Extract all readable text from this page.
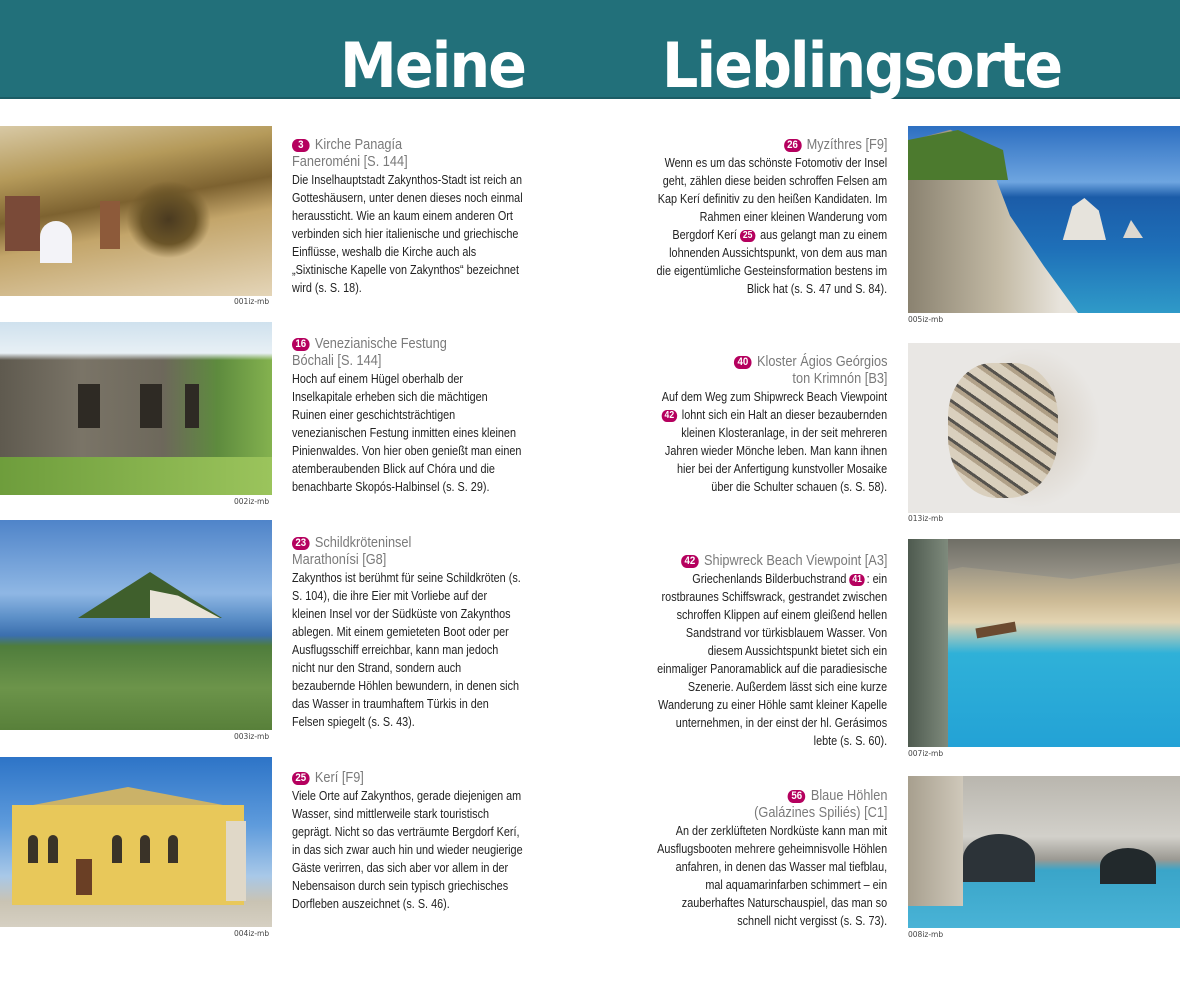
Meine Lieblingsorte
001iz-mb
002iz-mb
003iz-mb
004iz-mb
3 Kirche Panagía
Faneroméni [S. 144]
Die Inselhauptstadt Zakynthos-Stadt ist reich an Gotteshäusern, unter denen dieses noch einmal heraussticht. Wie an kaum einem anderen Ort verbinden sich hier italienische und griechische Einflüsse, weshalb die Kirche auch als „Sixtinische Kapelle von Zakynthos“ bezeichnet wird (s. S. 18).
16 Venezianische Festung
Bóchali [S. 144]
Hoch auf einem Hügel oberhalb der Inselkapitale erheben sich die mächtigen Ruinen einer geschichtsträchtigen venezianischen Festung inmitten eines kleinen Pinienwaldes. Von hier oben genießt man einen atemberaubenden Blick auf Chóra und die benachbarte Skopós-Halbinsel (s. S. 29).
23 Schildkröteninsel
Marathonísi [G8]
Zakynthos ist berühmt für seine Schildkröten (s. S. 104), die ihre Eier mit Vorliebe auf der kleinen Insel vor der Südküste von Zakynthos ablegen. Mit einem gemieteten Boot oder per Ausflugsschiff erreichbar, kann man jedoch nicht nur den Strand, sondern auch bezaubernde Höhlen bewundern, in denen sich das Wasser in traumhaftem Türkis in den Felsen spiegelt (s. S. 43).
25 Kerí [F9]
Viele Orte auf Zakynthos, gerade diejenigen am Wasser, sind mittlerweile stark touristisch geprägt. Nicht so das verträumte Bergdorf Kerí, in das sich zwar auch hin und wieder neugierige Gäste verirren, das sich aber vor allem in der Nebensaison durch sein typisch griechisches Dorfleben auszeichnet (s. S. 46).
005iz-mb
013iz-mb
007iz-mb
008iz-mb
26 Myzíthres [F9]
Wenn es um das schönste Fotomotiv der Insel geht, zählen diese beiden schroffen Felsen am Kap Kerí definitiv zu den heißen Kandidaten. Im Rahmen einer kleinen Wanderung vom Bergdorf Kerí 25 aus gelangt man zu einem lohnenden Aussichtspunkt, von dem aus man die eigentümliche Gesteinsformation bestens im Blick hat (s. S. 47 und S. 84).
40 Kloster Ágios Geórgios
ton Krimnón [B3]
Auf dem Weg zum Shipwreck Beach Viewpoint 42 lohnt sich ein Halt an dieser bezaubernden kleinen Klosteranlage, in der seit mehreren Jahren wieder Mönche leben. Man kann ihnen hier bei der Anfertigung kunstvoller Mosaike über die Schulter schauen (s. S. 58).
42 Shipwreck Beach Viewpoint [A3]
Griechenlands Bilderbuchstrand 41 : ein rostbraunes Schiffswrack, gestrandet zwischen schroffen Klippen auf einem gleißend hellen Sandstrand vor türkisblauem Wasser. Von diesem Aussichtspunkt bietet sich ein einmaliger Panoramablick auf die paradiesische Szenerie. Außerdem lässt sich eine kurze Wanderung zu einer Höhle samt kleiner Kapelle unternehmen, in der einst der hl. Gerásimos lebte (s. S. 60).
56 Blaue Höhlen
(Galázines Spiliés) [C1]
An der zerklüfteten Nordküste kann man mit Ausflugsbooten mehrere geheimnisvolle Höhlen anfahren, in denen das Wasser mal tiefblau, mal aquamarinfarben schimmert – ein zauberhaftes Naturschauspiel, das man so schnell nicht vergisst (s. S. 73).
